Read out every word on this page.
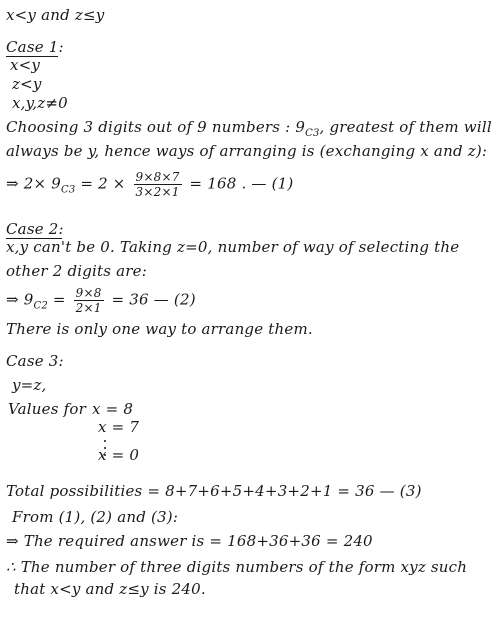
x<y and z≤y
Case 1:
x<y
z<y
x,y,z≠0
Choosing 3 digits out of 9 numbers : $9_{C3}$, greatest of them will
always be y, hence ways of arranging is (exchanging x and z):
⇒ $2\times 9_{C3} = 2 \times \frac{9\times 8\times 7}{3\times 2\times 1} = 168$ . — (1)
Case 2:
x,y can't be 0. Taking z=0, number of way of selecting the
other 2 digits are:
⇒ $9_{C2} = \frac{9\times 8}{2\times 1} = 36$ — (2)
There is only one way to arrange them.
Case 3:
y=z,
Values for x = 8
x = 7
x = 0
Total possibilities = 8+7+6+5+4+3+2+1 = 36 — (3)
From (1), (2) and (3):
⇒ The required answer is = 168+36+36 = 240
∴ The number of three digits numbers of the form xyz such
that x<y and z≤y is 240.
